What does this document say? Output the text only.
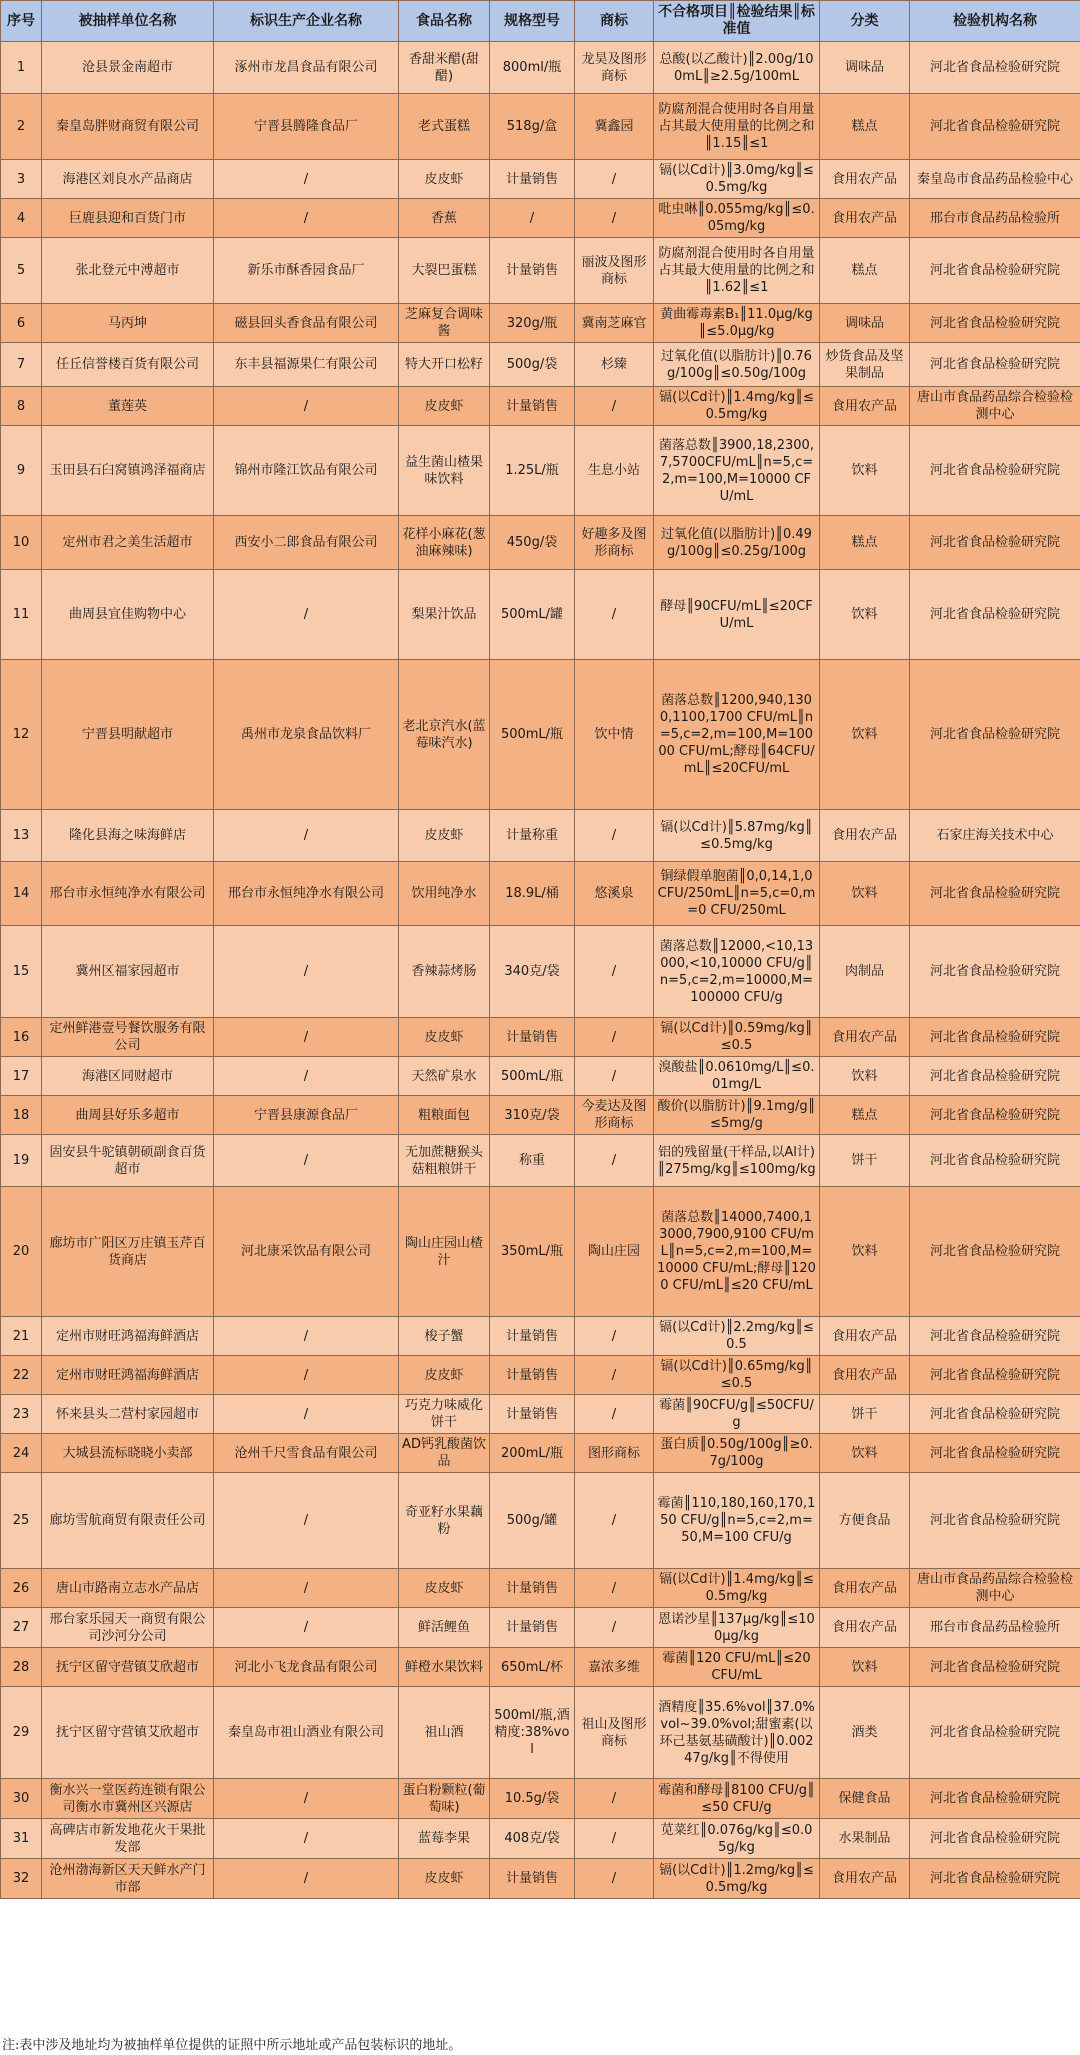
序号	被抽样单位名称	标识生产企业名称	食品名称	规格型号	商标	不合格项目║检验结果║标准值	分类	检验机构名称
1	沧县景金南超市	涿州市龙昌食品有限公司	香甜米醋(甜醋)	800ml/瓶	龙昊及图形商标	总酸(以乙酸计)║2.00g/100mL║≥2.5g/100mL	调味品	河北省食品检验研究院
2	秦皇岛胖财商贸有限公司	宁晋县腾隆食品厂	老式蛋糕	518g/盒	冀鑫园	防腐剂混合使用时各自用量占其最大使用量的比例之和║1.15║≤1	糕点	河北省食品检验研究院
3	海港区刘良水产品商店	/	皮皮虾	计量销售	/	镉(以Cd计)║3.0mg/kg║≤0.5mg/kg	食用农产品	秦皇岛市食品药品检验中心
4	巨鹿县迎和百货门市	/	香蕉	/	/	吡虫啉║0.055mg/kg║≤0.05mg/kg	食用农产品	邢台市食品药品检验所
5	张北登元中溥超市	新乐市酥香园食品厂	大裂巴蛋糕	计量销售	丽波及图形商标	防腐剂混合使用时各自用量占其最大使用量的比例之和║1.62║≤1	糕点	河北省食品检验研究院
6	马丙坤	磁县回头香食品有限公司	芝麻复合调味酱	320g/瓶	冀南芝麻官	黄曲霉毒素B₁║11.0μg/kg║≤5.0μg/kg	调味品	河北省食品检验研究院
7	任丘信誉楼百货有限公司	东丰县福源果仁有限公司	特大开口松籽	500g/袋	杉臻	过氧化值(以脂肪计)║0.76g/100g║≤0.50g/100g	炒货食品及坚果制品	河北省食品检验研究院
8	董莲英	/	皮皮虾	计量销售	/	镉(以Cd计)║1.4mg/kg║≤0.5mg/kg	食用农产品	唐山市食品药品综合检验检测中心
9	玉田县石臼窝镇鸿泽福商店	锦州市隆江饮品有限公司	益生菌山楂果味饮料	1.25L/瓶	生息小站	菌落总数║3900,18,2300,7,5700CFU/mL║n=5,c=2,m=100,M=10000 CFU/mL	饮料	河北省食品检验研究院
10	定州市君之美生活超市	西安小二郎食品有限公司	花样小麻花(葱油麻辣味)	450g/袋	好趣多及图形商标	过氧化值(以脂肪计)║0.49g/100g║≤0.25g/100g	糕点	河北省食品检验研究院
11	曲周县宜佳购物中心	/	梨果汁饮品	500mL/罐	/	酵母║90CFU/mL║≤20CFU/mL	饮料	河北省食品检验研究院
12	宁晋县明献超市	禹州市龙泉食品饮料厂	老北京汽水(蓝莓味汽水)	500mL/瓶	饮中情	菌落总数║1200,940,1300,1100,1700 CFU/mL║n=5,c=2,m=100,M=10000 CFU/mL;酵母║64CFU/mL║≤20CFU/mL	饮料	河北省食品检验研究院
13	隆化县海之味海鲜店	/	皮皮虾	计量称重	/	镉(以Cd计)║5.87mg/kg║≤0.5mg/kg	食用农产品	石家庄海关技术中心
14	邢台市永恒纯净水有限公司	邢台市永恒纯净水有限公司	饮用纯净水	18.9L/桶	悠溪泉	铜绿假单胞菌║0,0,14,1,0 CFU/250mL║n=5,c=0,m=0 CFU/250mL	饮料	河北省食品检验研究院
15	冀州区福家园超市	/	香辣蒜烤肠	340克/袋	/	菌落总数║12000,<10,13000,<10,10000 CFU/g║n=5,c=2,m=10000,M=100000 CFU/g	肉制品	河北省食品检验研究院
16	定州鲜港壹号餐饮服务有限公司	/	皮皮虾	计量销售	/	镉(以Cd计)║0.59mg/kg║≤0.5	食用农产品	河北省食品检验研究院
17	海港区同财超市	/	天然矿泉水	500mL/瓶	/	溴酸盐║0.0610mg/L║≤0.01mg/L	饮料	河北省食品检验研究院
18	曲周县好乐多超市	宁晋县康源食品厂	粗粮面包	310克/袋	今麦达及图形商标	酸价(以脂肪计)║9.1mg/g║≤5mg/g	糕点	河北省食品检验研究院
19	固安县牛驼镇朝硕副食百货超市	/	无加蔗糖猴头菇粗粮饼干	称重	/	铝的残留量(干样品,以Al计)║275mg/kg║≤100mg/kg	饼干	河北省食品检验研究院
20	廊坊市广阳区万庄镇玉芹百货商店	河北康采饮品有限公司	陶山庄园山楂汁	350mL/瓶	陶山庄园	菌落总数║14000,7400,13000,7900,9100 CFU/mL║n=5,c=2,m=100,M=10000 CFU/mL;酵母║1200 CFU/mL║≤20 CFU/mL	饮料	河北省食品检验研究院
21	定州市财旺鸿福海鲜酒店	/	梭子蟹	计量销售	/	镉(以Cd计)║2.2mg/kg║≤0.5	食用农产品	河北省食品检验研究院
22	定州市财旺鸿福海鲜酒店	/	皮皮虾	计量销售	/	镉(以Cd计)║0.65mg/kg║≤0.5	食用农产品	河北省食品检验研究院
23	怀来县头二营村家园超市	/	巧克力味威化饼干	计量销售	/	霉菌║90CFU/g║≤50CFU/g	饼干	河北省食品检验研究院
24	大城县流标晓晓小卖部	沧州千尺雪食品有限公司	AD钙乳酸菌饮品	200mL/瓶	图形商标	蛋白质║0.50g/100g║≥0.7g/100g	饮料	河北省食品检验研究院
25	廊坊雪航商贸有限责任公司	/	奇亚籽水果藕粉	500g/罐	/	霉菌║110,180,160,170,150 CFU/g║n=5,c=2,m=50,M=100 CFU/g	方便食品	河北省食品检验研究院
26	唐山市路南立志水产品店	/	皮皮虾	计量销售	/	镉(以Cd计)║1.4mg/kg║≤0.5mg/kg	食用农产品	唐山市食品药品综合检验检测中心
27	邢台家乐园天一商贸有限公司沙河分公司	/	鲜活鲤鱼	计量销售	/	恩诺沙星║137μg/kg║≤100μg/kg	食用农产品	邢台市食品药品检验所
28	抚宁区留守营镇艾欣超市	河北小飞龙食品有限公司	鲜橙水果饮料	650mL/杯	嘉浓多维	霉菌║120 CFU/mL║≤20 CFU/mL	饮料	河北省食品检验研究院
29	抚宁区留守营镇艾欣超市	秦皇岛市祖山酒业有限公司	祖山酒	500ml/瓶,酒精度:38%vol	祖山及图形商标	酒精度║35.6%vol║37.0%vol~39.0%vol;甜蜜素(以环己基氨基磺酸计)║0.00247g/kg║不得使用	酒类	河北省食品检验研究院
30	衡水兴一堂医药连锁有限公司衡水市冀州区兴源店	/	蛋白粉颗粒(葡萄味)	10.5g/袋	/	霉菌和酵母║8100 CFU/g║≤50 CFU/g	保健食品	河北省食品检验研究院
31	高碑店市新发地花火干果批发部	/	蓝莓李果	408克/袋	/	苋菜红║0.076g/kg║≤0.05g/kg	水果制品	河北省食品检验研究院
32	沧州渤海新区天天鲜水产门市部	/	皮皮虾	计量销售	/	镉(以Cd计)║1.2mg/kg║≤0.5mg/kg	食用农产品	河北省食品检验研究院
注:表中涉及地址均为被抽样单位提供的证照中所示地址或产品包装标识的地址。
